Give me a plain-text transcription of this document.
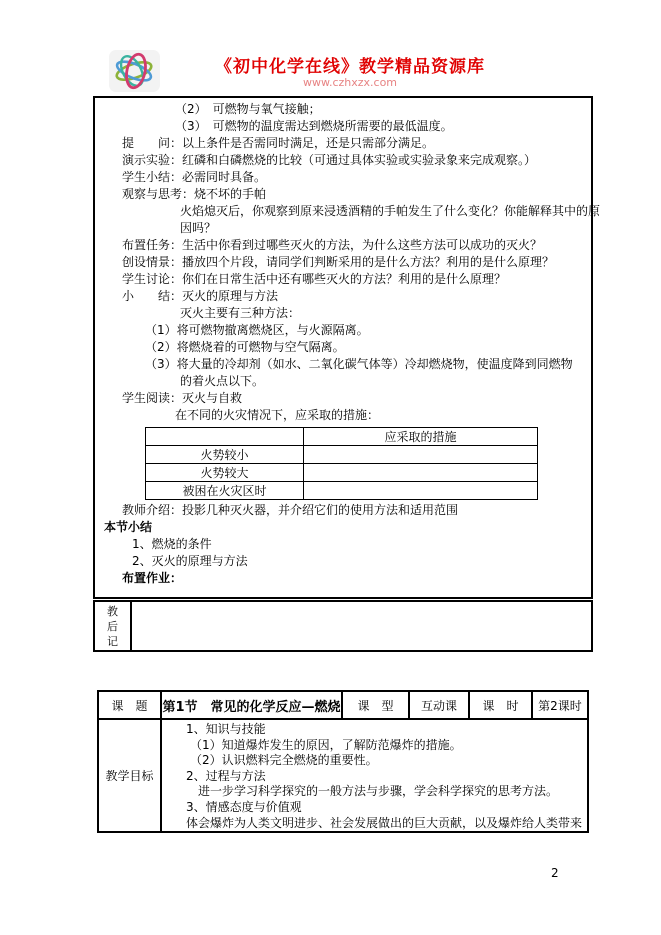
《初中化学在线》教学精品资源库
www.czhxzx.com
（2）　可燃物与氧气接触；
（3）　可燃物的温度需达到燃烧所需要的最低温度。
提　　问：以上条件是否需同时满足，还是只需部分满足。
演示实验：红磷和白磷燃烧的比较（可通过具体实验或实验录象来完成观察。）
学生小结：必需同时具备。
观察与思考：烧不坏的手帕
火焰熄灭后，你观察到原来浸透酒精的手帕发生了什么变化？你能解释其中的原
因吗？
布置任务：生活中你看到过哪些灭火的方法，为什么这些方法可以成功的灭火？
创设情景：播放四个片段，请同学们判断采用的是什么方法？利用的是什么原理？
学生讨论：你们在日常生活中还有哪些灭火的方法？利用的是什么原理？
小　　结：灭火的原理与方法
灭火主要有三种方法：
（1）将可燃物撤离燃烧区，与火源隔离。
（2）将燃烧着的可燃物与空气隔离。
（3）将大量的冷却剂（如水、二氧化碳气体等）冷却燃烧物，使温度降到同燃物
的着火点以下。
学生阅读：灭火与自救
在不同的火灾情况下，应采取的措施：
	应采取的措施
火势较小	
火势较大	
被困在火灾区时	
教师介绍：投影几种灭火器，并介绍它们的使用方法和适用范围
本节小结
1、燃烧的条件
2、灭火的原理与方法
布置作业：
教
后
记
课　题	第1节　常见的化学反应—燃烧	课　型	互动课	课　时	第2课时
教学目标	
1、知识与技能
（1）知道爆炸发生的原因，了解防范爆炸的措施。
（2）认识燃料完全燃烧的重要性。
2、过程与方法
进一步学习科学探究的一般方法与步骤，学会科学探究的思考方法。
3、情感态度与价值观
体会爆炸为人类文明进步、社会发展做出的巨大贡献，以及爆炸给人类带来
2
